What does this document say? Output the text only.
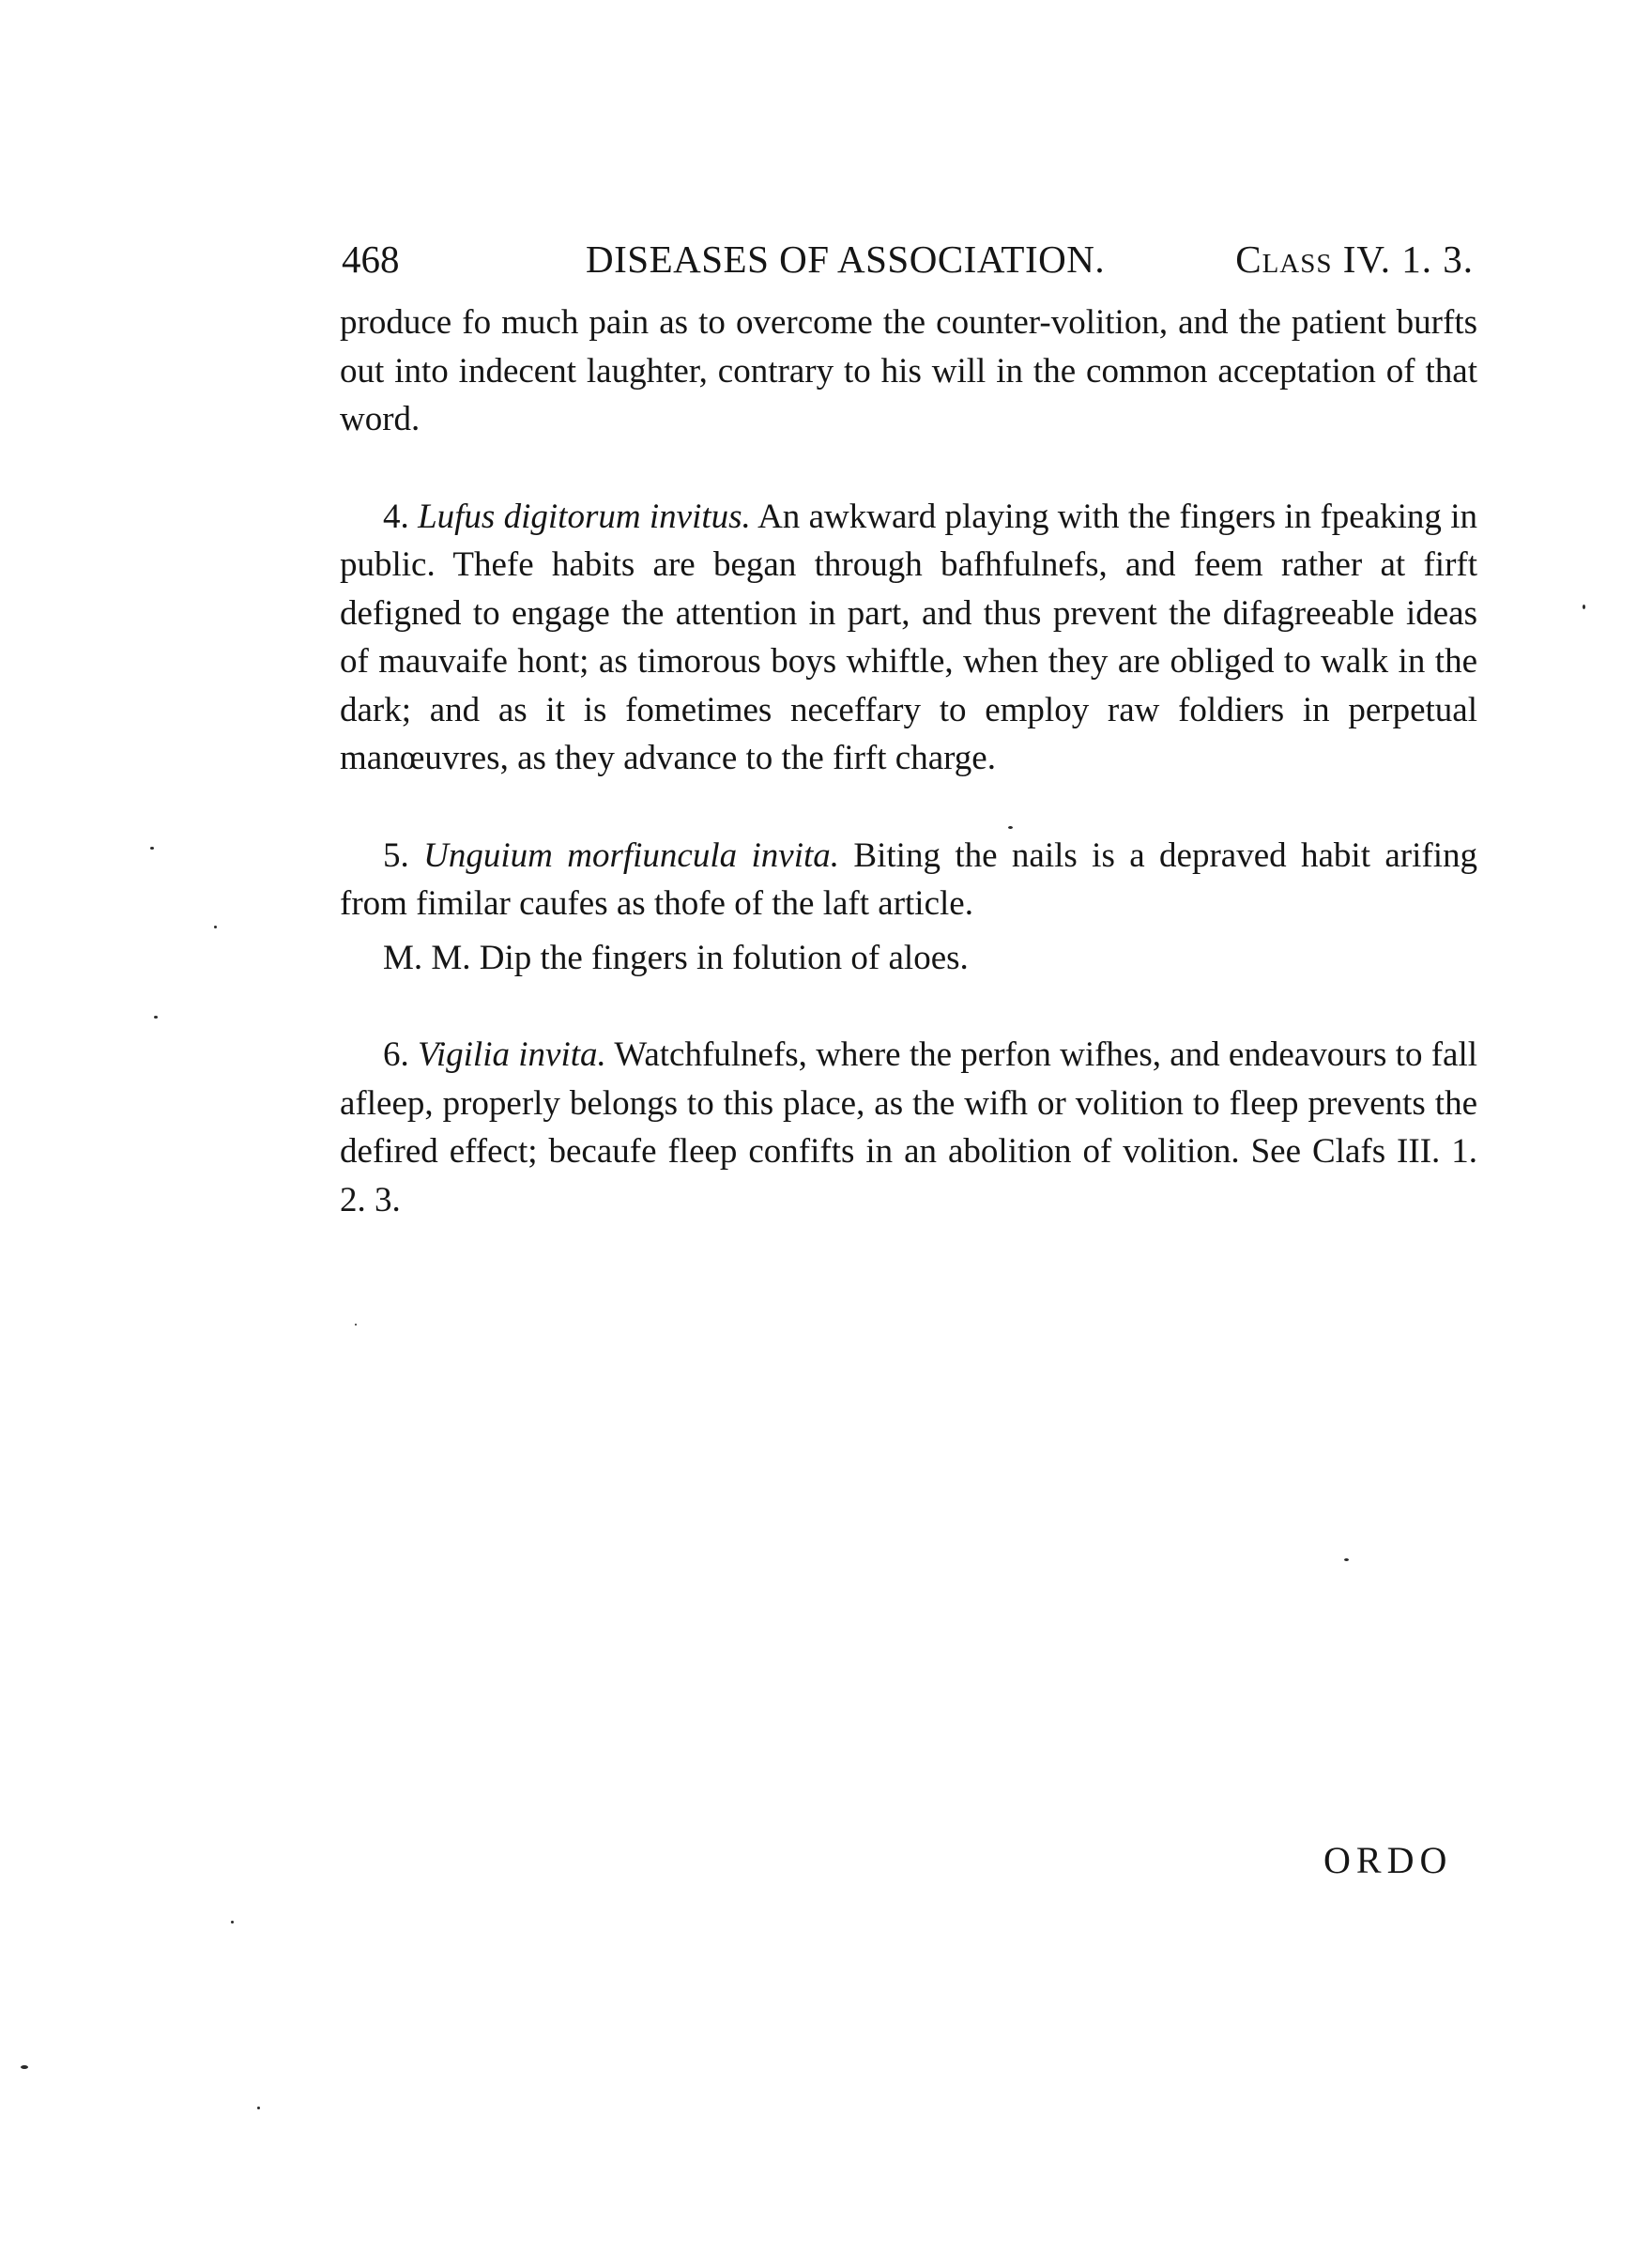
468	DISEASES OF ASSOCIATION.	Class IV. 1. 3.

produce fo much pain as to overcome the counter-volition, and the patient burfts out into indecent laughter, contrary to his will in the common acceptation of that word.

4. Lufus digitorum invitus. An awkward playing with the fingers in fpeaking in public. Thefe habits are began through bafhfulnefs, and feem rather at firft defigned to engage the attention in part, and thus prevent the difagreeable ideas of mauvaife hont; as timorous boys whiftle, when they are obliged to walk in the dark; and as it is fometimes neceffary to employ raw foldiers in perpetual manœuvres, as they advance to the firft charge.

5. Unguium morfiuncula invita. Biting the nails is a depraved habit arifing from fimilar caufes as thofe of the laft article.

M. M. Dip the fingers in folution of aloes.

6. Vigilia invita. Watchfulnefs, where the perfon wifhes, and endeavours to fall afleep, properly belongs to this place, as the wifh or volition to fleep prevents the defired effect; becaufe fleep confifts in an abolition of volition. See Clafs III. 1. 2. 3.

ORDO
